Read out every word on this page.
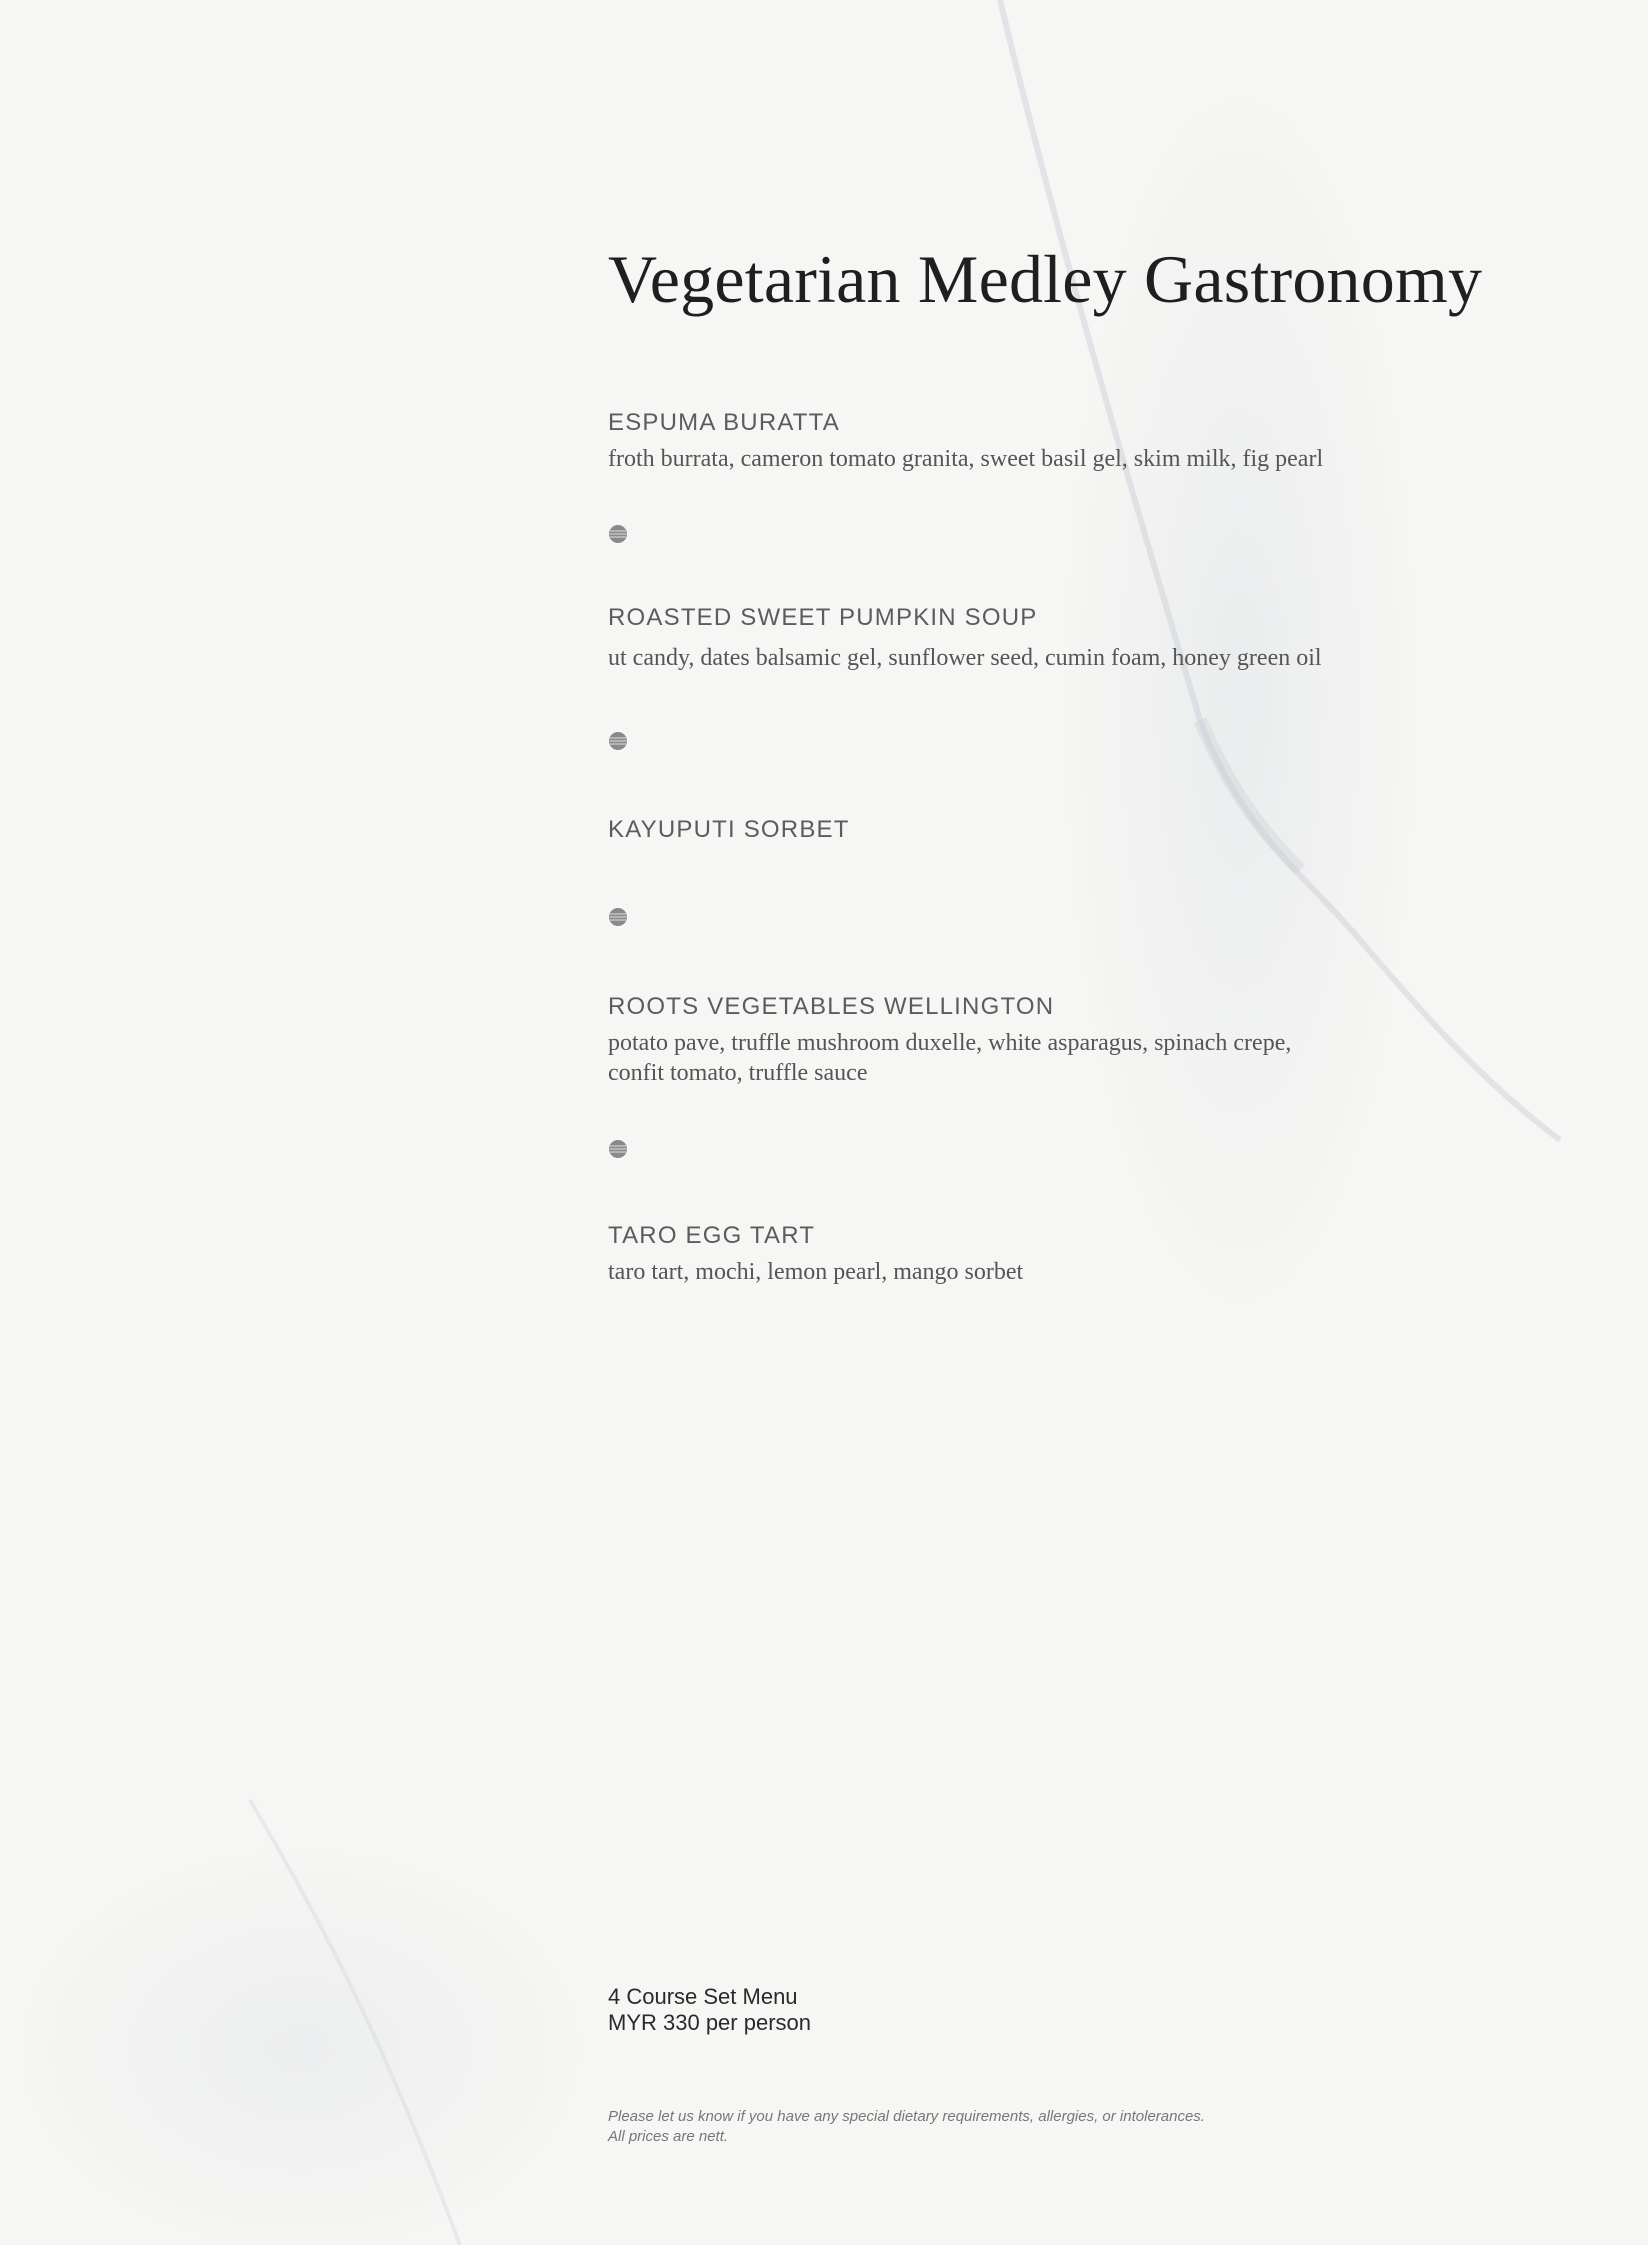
Vegetarian Medley Gastronomy
ESPUMA BURATTA
froth burrata, cameron tomato granita, sweet basil gel, skim milk, fig pearl
ROASTED SWEET PUMPKIN SOUP
ut candy, dates balsamic gel, sunflower seed, cumin foam, honey green oil
KAYUPUTI SORBET
ROOTS VEGETABLES WELLINGTON
potato pave, truffle mushroom duxelle, white asparagus, spinach crepe,
confit tomato, truffle sauce
TARO EGG TART
taro tart, mochi, lemon pearl, mango sorbet
4 Course Set Menu
MYR 330 per person
Please let us know if you have any special dietary requirements, allergies, or intolerances.
All prices are nett.
